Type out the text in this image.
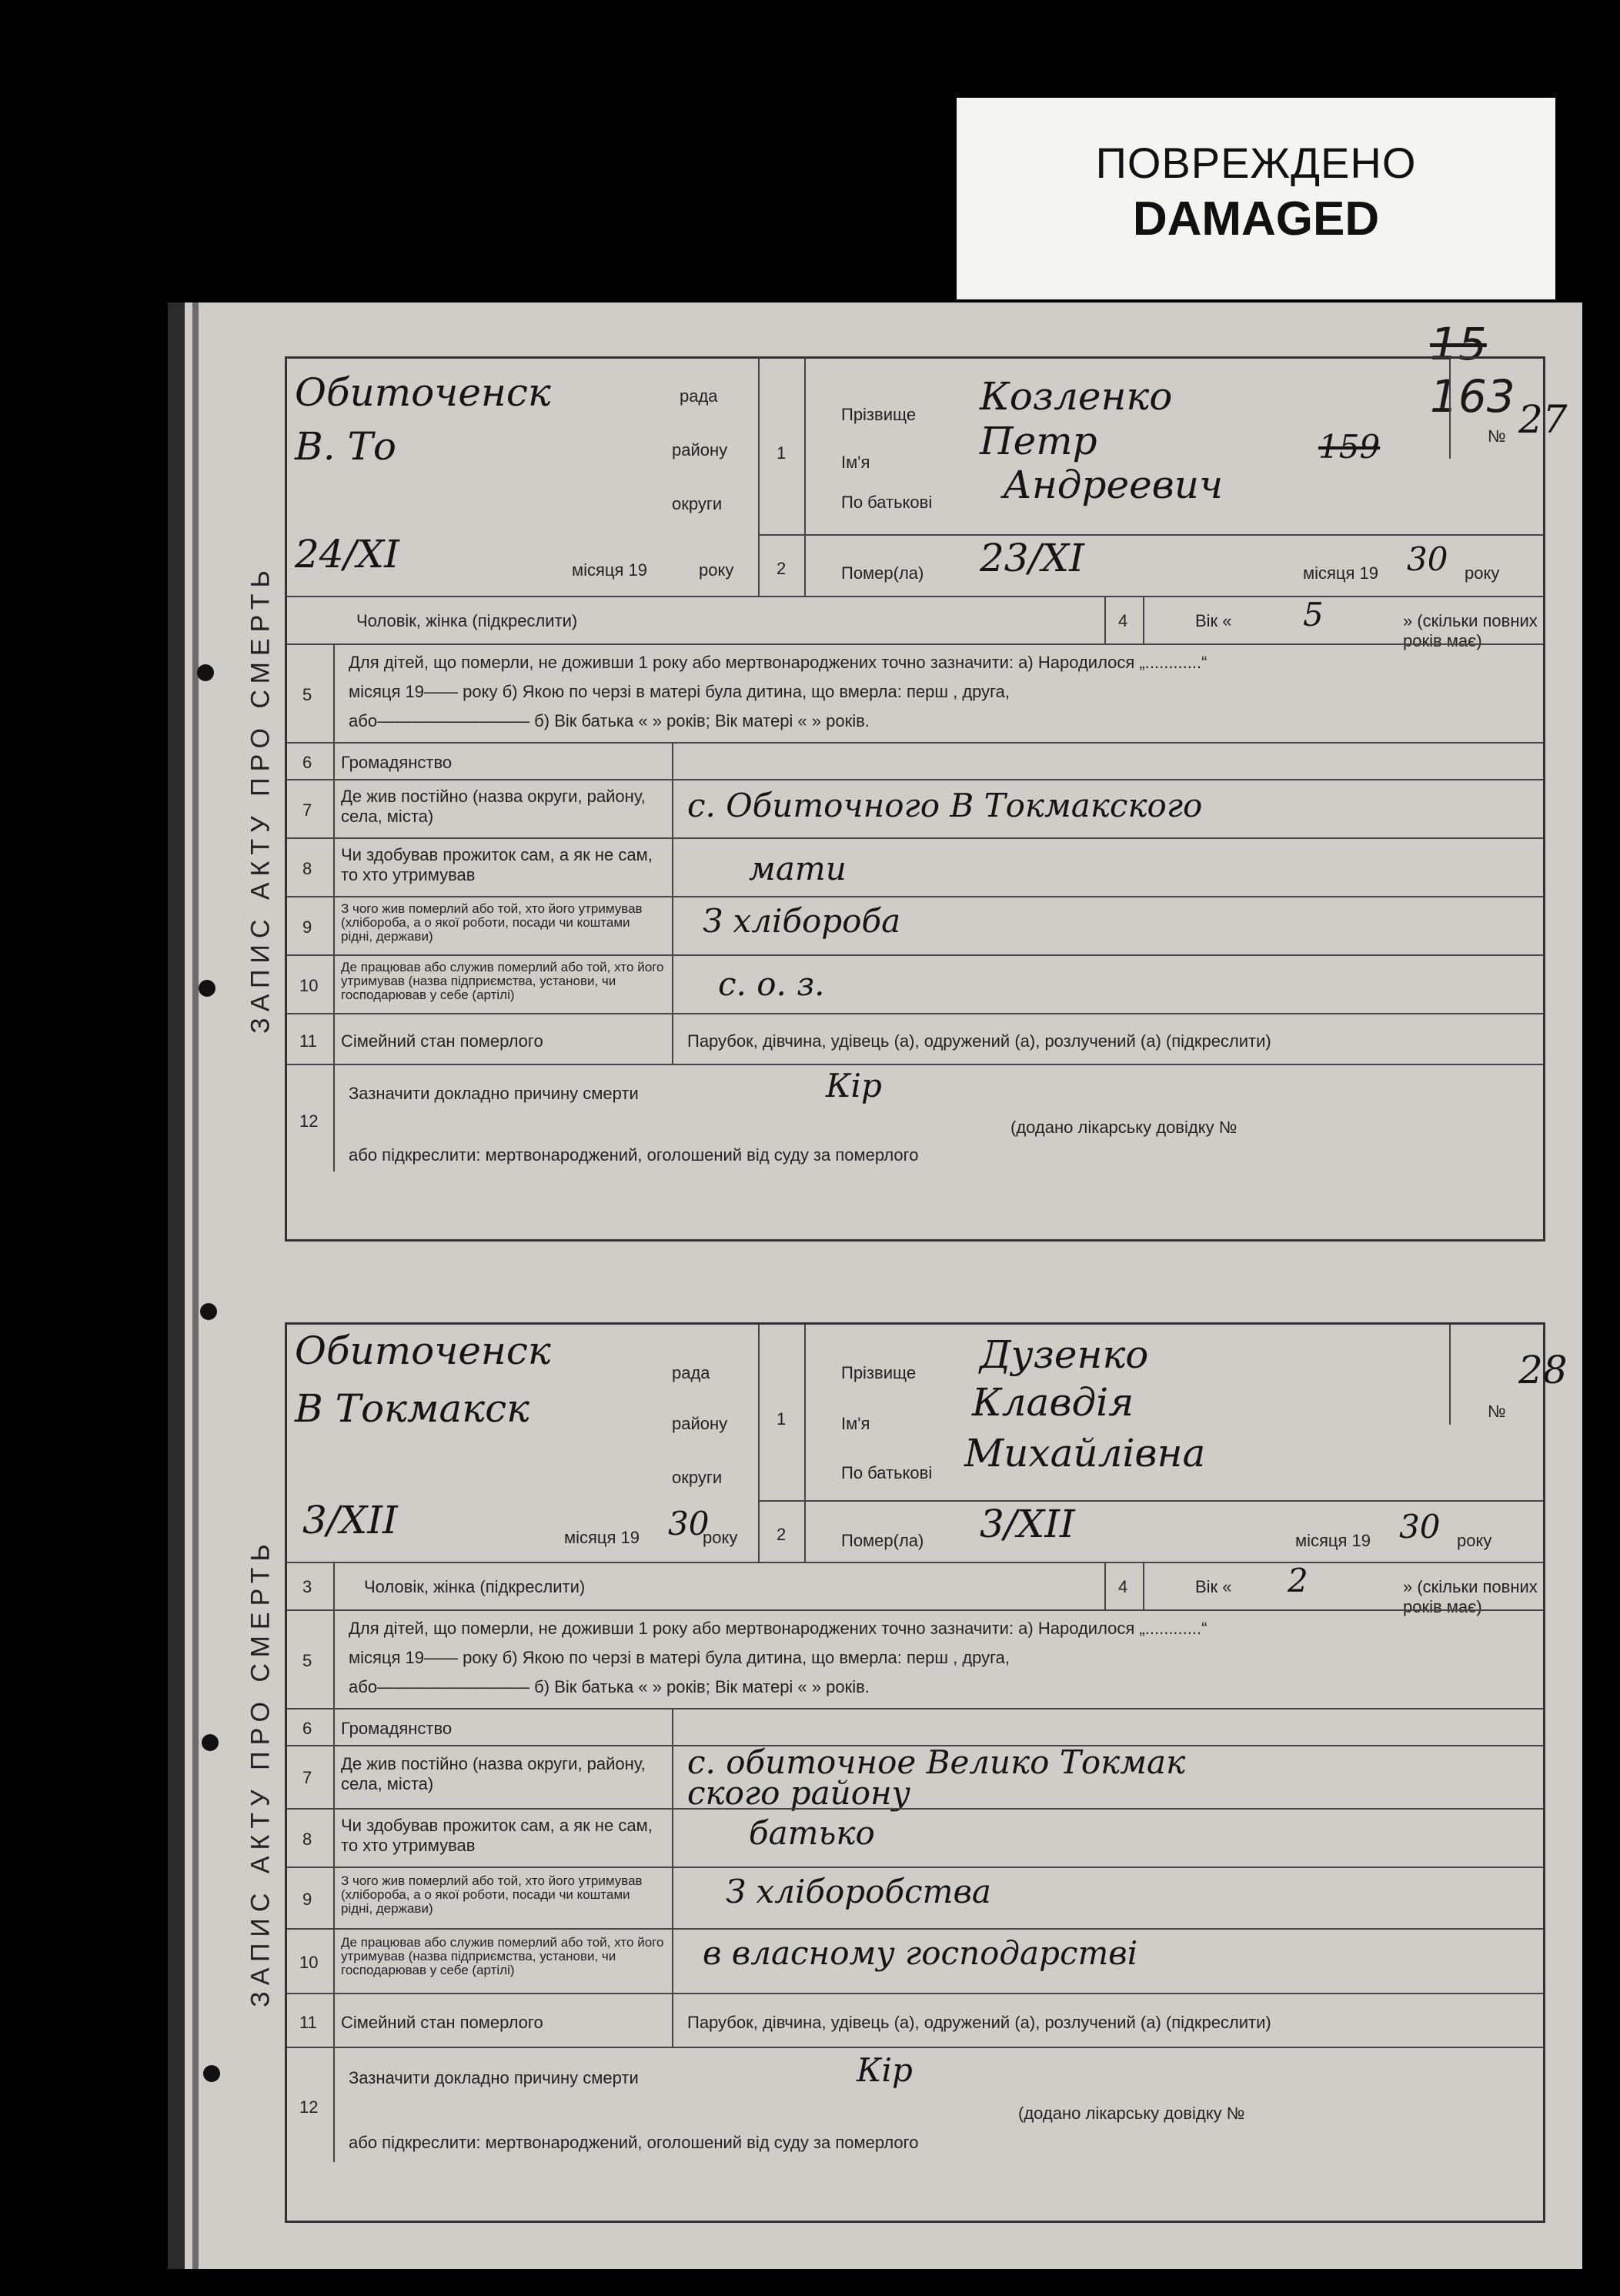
ПОВРЕЖДЕНО
DAMAGED
15 163
ЗАПИС АКТУ ПРО СМЕРТЬ
Обиточенск	рада
В. То	району
округи
24/XI	місяця 19	року
1
Прізвище Козленко
Ім'я	Петр
По батькові Андреевич
159	№ 27
2	Помер(ла) 23/XI	місяця 19 30 року
Чоловік, жінка (підкреслити)	4	Вік « 5	» (скільки повних років має)
5
Для дітей, що померли, не доживши 1 року або мертвонароджених точно зазначити: а) Народилося „............“
місяця 19—— року б) Якою по черзі в матері була дитина, що вмерла: перш , друга,
або————————— б) Вік батька « » років; Вік матері « » років.
6 Громадянство
7
Де жив постійно (назва округи, району, села, міста)	с. Обиточного В Токмакского
8
Чи здобував прожиток сам, а як не сам, то хто утримував	мати
9
З чого жив померлий або той, хто його утримував (хлібороба, а о якої роботи, посади чи коштами рідні, держави)	З хлібороба
10
Де працював або служив померлий або той, хто його утримував (назва підприємства, установи, чи господарював у себе (артілі)	с. о. з.
11 Сімейний стан померлого	Парубок, дівчина, удівець (а), одружений (а), розлучений (а) (підкреслити)
12
Зазначити докладно причину смерти	Кір
(додано лікарську довідку №
або підкреслити: мертвонароджений, оголошений від суду за померлого
ЗАПИС АКТУ ПРО СМЕРТЬ
Обиточенск	рада
В Токмакск	району
округи
3/XII	місяця 19 30
року
1
Прізвище Дузенко
Ім'я	Клавдія
По батькові Михайлівна
№
28
2	Помер(ла) 3/XII	місяця 19 30 року
3	Чоловік, жінка (підкреслити)	4	Вік « 2	» (скільки повних років має)
5
Для дітей, що померли, не доживши 1 року або мертвонароджених точно зазначити: а) Народилося „............“
місяця 19—— року б) Якою по черзі в матері була дитина, що вмерла: перш , друга,
або————————— б) Вік батька « » років; Вік матері « » років.
6 Громадянство
7
Де жив постійно (назва округи, району, села, міста)
с. обиточное Велико Токмак
ского району
8
Чи здобував прожиток сам, а як не сам, то хто утримував	батько
9
З чого жив померлий або той, хто його утримував (хлібороба, а о якої роботи, посади чи коштами рідні, держави)	З хліборобства
10
Де працював або служив померлий або той, хто його утримував (назва підприємства, установи, чи господарював у себе (артілі)	в власному господарстві
11 Сімейний стан померлого	Парубок, дівчина, удівець (а), одружений (а), розлучений (а) (підкреслити)
12
Зазначити докладно причину смерти	Кір
(додано лікарську довідку №
або підкреслити: мертвонароджений, оголошений від суду за померлого
